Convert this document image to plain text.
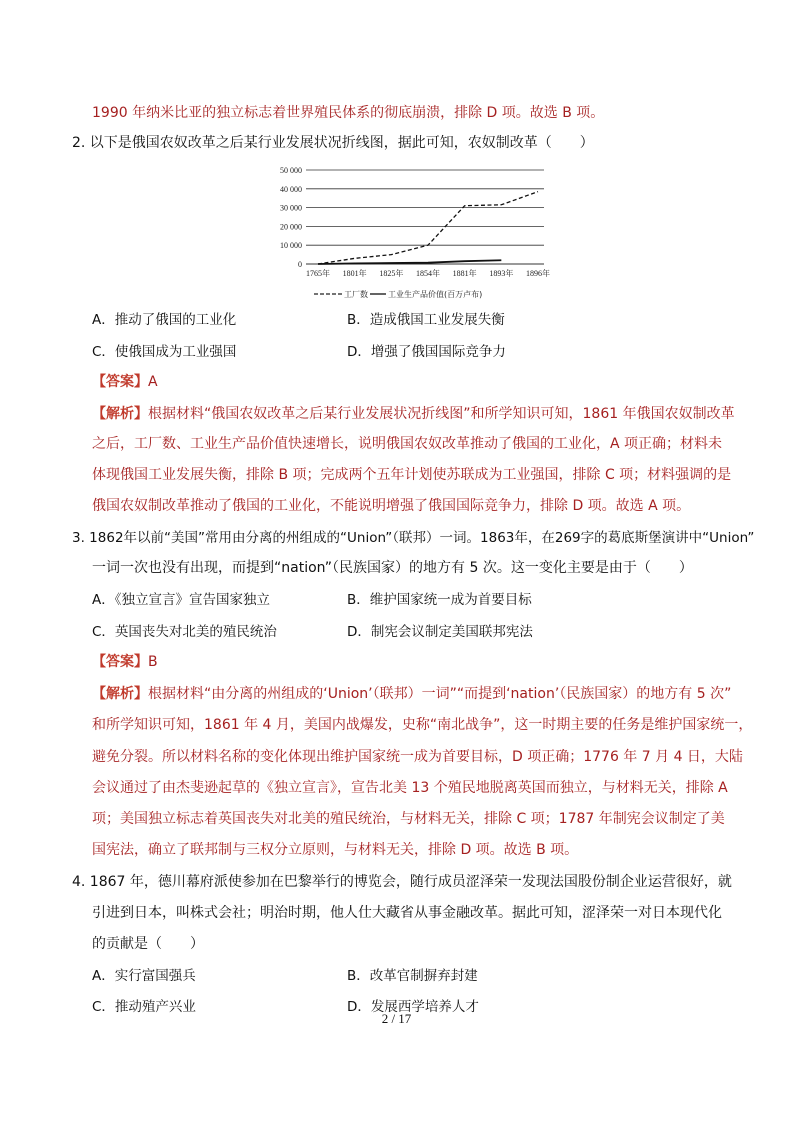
1990 年纳米比亚的独立标志着世界殖民体系的彻底崩溃，排除 D 项。故选 B 项。
2. 以下是俄国农奴改革之后某行业发展状况折线图，据此可知，农奴制改革（　　）
0
10 000
20 000
30 000
40 000
50 000
1765年 1801年 1825年 1854年 1881年 1893年 1896年
工厂数	工业生产品价值(百万卢布)
A．推动了俄国的工业化	B．造成俄国工业发展失衡
C．使俄国成为工业强国	D．增强了俄国国际竞争力
【答案】A
【解析】根据材料“俄国农奴改革之后某行业发展状况折线图”和所学知识可知，1861 年俄国农奴制改革
之后，工厂数、工业生产品价值快速增长，说明俄国农奴改革推动了俄国的工业化，A 项正确；材料未
体现俄国工业发展失衡，排除 B 项；完成两个五年计划使苏联成为工业强国，排除 C 项；材料强调的是
俄国农奴制改革推动了俄国的工业化，不能说明增强了俄国国际竞争力，排除 D 项。故选 A 项。
3. 1862年以前“美国”常用由分离的州组成的“Union”（联邦）一词。1863年，在269字的葛底斯堡演讲中“Union”
一词一次也没有出现，而提到“nation”（民族国家）的地方有 5 次。这一变化主要是由于（　　）
A．《独立宣言》宣告国家独立	B．维护国家统一成为首要目标
C．英国丧失对北美的殖民统治	D．制宪会议制定美国联邦宪法
【答案】B
【解析】根据材料“由分离的州组成的‘Union’（联邦）一词”“而提到‘nation’（民族国家）的地方有 5 次”
和所学知识可知，1861 年 4 月，美国内战爆发，史称“南北战争”，这一时期主要的任务是维护国家统一，
避免分裂。所以材料名称的变化体现出维护国家统一成为首要目标，D 项正确；1776 年 7 月 4 日，大陆
会议通过了由杰斐逊起草的《独立宣言》，宣告北美 13 个殖民地脱离英国而独立，与材料无关，排除 A
项；美国独立标志着英国丧失对北美的殖民统治，与材料无关，排除 C 项；1787 年制宪会议制定了美
国宪法，确立了联邦制与三权分立原则，与材料无关，排除 D 项。故选 B 项。
4. 1867 年，德川幕府派使参加在巴黎举行的博览会，随行成员涩泽荣一发现法国股份制企业运营很好，就
引进到日本，叫株式会社；明治时期，他人仕大藏省从事金融改革。据此可知，涩泽荣一对日本现代化
的贡献是（　　）
A．实行富国强兵	B．改革官制摒弃封建
C．推动殖产兴业	D．发展西学培养人才
2 / 17
